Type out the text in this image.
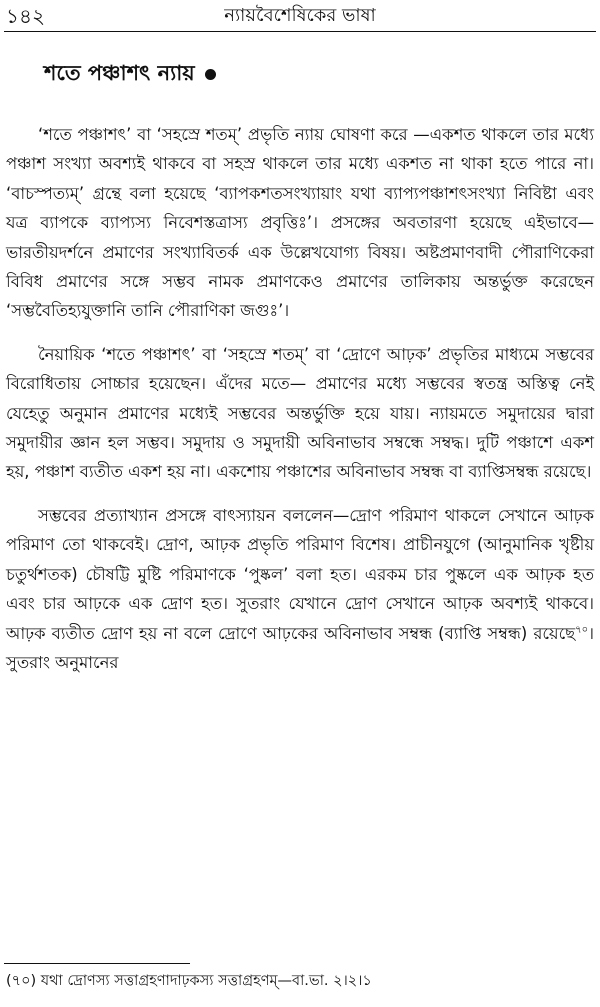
১৪২	ন্যায়বৈশেষিকের ভাষা
শতে পঞ্চাশৎ ন্যায়

‘শতে পঞ্চাশৎ’ বা ‘সহস্রে শতম্’ প্রভৃতি ন্যায় ঘোষণা করে —একশত থাকলে তার মধ্যে পঞ্চাশ সংখ্যা অবশ্যই থাকবে বা সহস্র থাকলে তার মধ্যে একশত না থাকা হতে পারে না। ‘বাচস্পত্যম্’ গ্রন্থে বলা হয়েছে ‘ব্যাপকশতসংখ্যায়াং যথা ব্যাপ্যপঞ্চাশৎসংখ্যা নিবিষ্টা এবং যত্র ব্যাপকে ব্যাপ্যস্য নিবেশস্তত্রাস্য প্রবৃত্তিঃ’। প্রসঙ্গের অবতারণা হয়েছে এইভাবে— ভারতীয়দর্শনে প্রমাণের সংখ্যাবিতর্ক এক উল্লেখযোগ্য বিষয়। অষ্টপ্রমাণবাদী পৌরাণিকেরা বিবিধ প্রমাণের সঙ্গে সম্ভব নামক প্রমাণকেও প্রমাণের তালিকায় অন্তর্ভুক্ত করেছেন ‘সম্ভবৈতিহ্যযুক্তানি তানি পৌরাণিকা জগুঃ’।

নৈয়ায়িক ‘শতে পঞ্চাশৎ’ বা ‘সহস্রে শতম্’ বা ‘দ্রোণে আঢ়ক’ প্রভৃতির মাধ্যমে সম্ভবের বিরোধিতায় সোচ্চার হয়েছেন। এঁদের মতে— প্রমাণের মধ্যে সম্ভবের স্বতন্ত্র অস্তিত্ব নেই যেহেতু অনুমান প্রমাণের মধ্যেই সম্ভবের অন্তর্ভুক্তি হয়ে যায়। ন্যায়মতে সমুদায়ের দ্বারা সমুদায়ীর জ্ঞান হল সম্ভব। সমুদায় ও সমুদায়ী অবিনাভাব সম্বন্ধে সম্বদ্ধ। দুটি পঞ্চাশে একশ হয়, পঞ্চাশ ব্যতীত একশ হয় না। একশোয় পঞ্চাশের অবিনাভাব সম্বন্ধ বা ব্যাপ্তিসম্বন্ধ রয়েছে।

সম্ভবের প্রত্যাখ্যান প্রসঙ্গে বাৎস্যায়ন বললেন—দ্রোণ পরিমাণ থাকলে সেখানে আঢ়ক পরিমাণ তো থাকবেই। দ্রোণ, আঢ়ক প্রভৃতি পরিমাণ বিশেষ। প্রাচীনযুগে (আনুমানিক খৃষ্টীয় চতুর্থশতক) চৌষট্টি মুষ্টি পরিমাণকে ‘পুষ্কল’ বলা হত। এরকম চার পুষ্কলে এক আঢ়ক হত এবং চার আঢ়কে এক দ্রোণ হত। সুতরাং যেখানে দ্রোণ সেখানে আঢ়ক অবশ্যই থাকবে। আঢ়ক ব্যতীত দ্রোণ হয় না বলে দ্রোণে আঢ়কের অবিনাভাব সম্বন্ধ (ব্যাপ্তি সম্বন্ধ) রয়েছে$^{৭০}$। সুতরাং অনুমানের

(৭০) যথা দ্রোণস্য সত্তাগ্রহণাদাঢ়কস্য সত্তাগ্রহণম্—বা.ভা. ২।২।১
